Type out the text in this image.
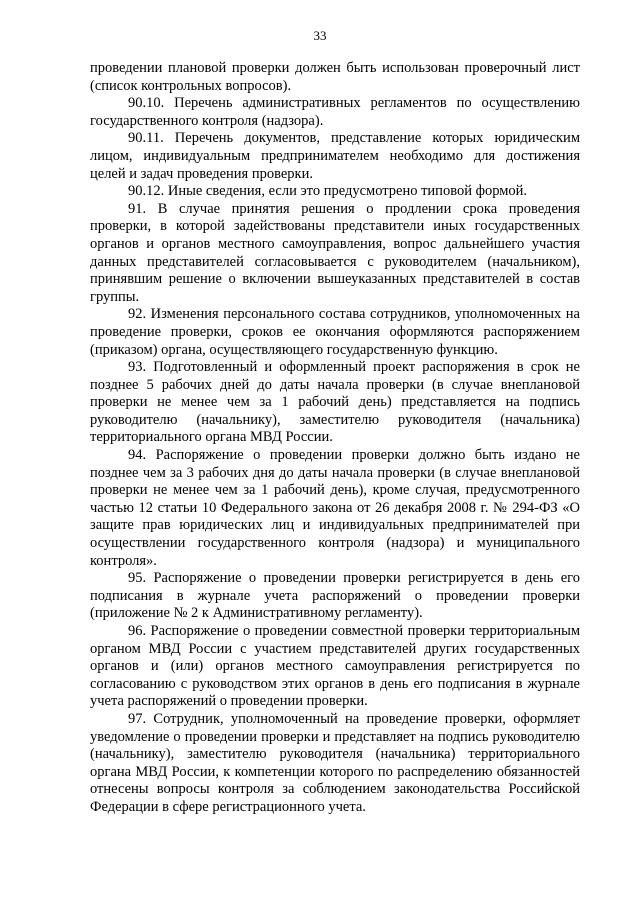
33

проведении плановой проверки должен быть использован проверочный лист (список контрольных вопросов).

90.10. Перечень административных регламентов по осуществлению государственного контроля (надзора).

90.11. Перечень документов, представление которых юридическим лицом, индивидуальным предпринимателем необходимо для достижения целей и задач проведения проверки.

90.12. Иные сведения, если это предусмотрено типовой формой.

91. В случае принятия решения о продлении срока проведения проверки, в которой задействованы представители иных государственных органов и органов местного самоуправления, вопрос дальнейшего участия данных представителей согласовывается с руководителем (начальником), принявшим решение о включении вышеуказанных представителей в состав группы.

92. Изменения персонального состава сотрудников, уполномоченных на проведение проверки, сроков ее окончания оформляются распоряжением (приказом) органа, осуществляющего государственную функцию.

93. Подготовленный и оформленный проект распоряжения в срок не позднее 5 рабочих дней до даты начала проверки (в случае внеплановой проверки не менее чем за 1 рабочий день) представляется на подпись руководителю (начальнику), заместителю руководителя (начальника) территориального органа МВД России.

94. Распоряжение о проведении проверки должно быть издано не позднее чем за 3 рабочих дня до даты начала проверки (в случае внеплановой проверки не менее чем за 1 рабочий день), кроме случая, предусмотренного частью 12 статьи 10 Федерального закона от 26 декабря 2008 г. № 294-ФЗ «О защите прав юридических лиц и индивидуальных предпринимателей при осуществлении государственного контроля (надзора) и муниципального контроля».

95. Распоряжение о проведении проверки регистрируется в день его подписания в журнале учета распоряжений о проведении проверки (приложение № 2 к Административному регламенту).

96. Распоряжение о проведении совместной проверки территориальным органом МВД России с участием представителей других государственных органов и (или) органов местного самоуправления регистрируется по согласованию с руководством этих органов в день его подписания в журнале учета распоряжений о проведении проверки.

97. Сотрудник, уполномоченный на проведение проверки, оформляет уведомление о проведении проверки и представляет на подпись руководителю (начальнику), заместителю руководителя (начальника) территориального органа МВД России, к компетенции которого по распределению обязанностей отнесены вопросы контроля за соблюдением законодательства Российской Федерации в сфере регистрационного учета.
